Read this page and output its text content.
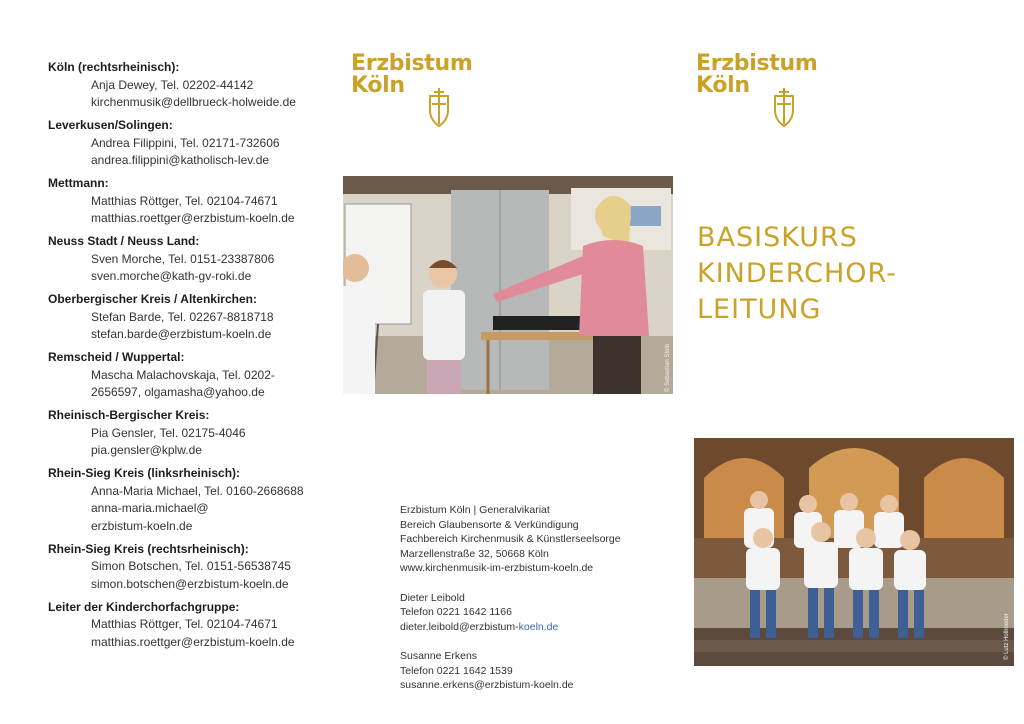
Köln (rechtsrheinisch):
Anja Dewey, Tel. 02202-44142
kirchenmusik@dellbrueck-holweide.de
Leverkusen/Solingen:
Andrea Filippini, Tel. 02171-732606
andrea.filippini@katholisch-lev.de
Mettmann:
Matthias Röttger, Tel. 02104-74671
matthias.roettger@erzbistum-koeln.de
Neuss Stadt / Neuss Land:
Sven Morche, Tel. 0151-23387806
sven.morche@kath-gv-roki.de
Oberbergischer Kreis / Altenkirchen:
Stefan Barde, Tel. 02267-8818718
stefan.barde@erzbistum-koeln.de
Remscheid / Wuppertal:
Mascha Malachovskaja, Tel. 0202-
2656597, olgamasha@yahoo.de
Rheinisch-Bergischer Kreis:
Pia Gensler, Tel. 02175-4046
pia.gensler@kplw.de
Rhein-Sieg Kreis (linksrheinisch):
Anna-Maria Michael, Tel. 0160-2668688
anna-maria.michael@
erzbistum-koeln.de
Rhein-Sieg Kreis (rechtsrheinisch):
Simon Botschen, Tel. 0151-56538745
simon.botschen@erzbistum-koeln.de
Leiter der Kinderchorfachgruppe:
Matthias Röttger, Tel. 02104-74671
matthias.roettger@erzbistum-koeln.de
Erzbistum
Köln
Erzbistum
Köln
© Sebastian Steib
BASISKURS
KINDERCHOR-
LEITUNG
© Lutz Hollroeder
Erzbistum Köln | Generalvikariat
Bereich Glaubensorte & Verkündigung
Fachbereich Kirchenmusik & Künstlerseelsorge
Marzellenstraße 32, 50668 Köln
www.kirchenmusik-im-erzbistum-koeln.de
Dieter Leibold
Telefon 0221 1642 1166
dieter.leibold@erzbistum-koeln.de
Susanne Erkens
Telefon 0221 1642 1539
susanne.erkens@erzbistum-koeln.de
